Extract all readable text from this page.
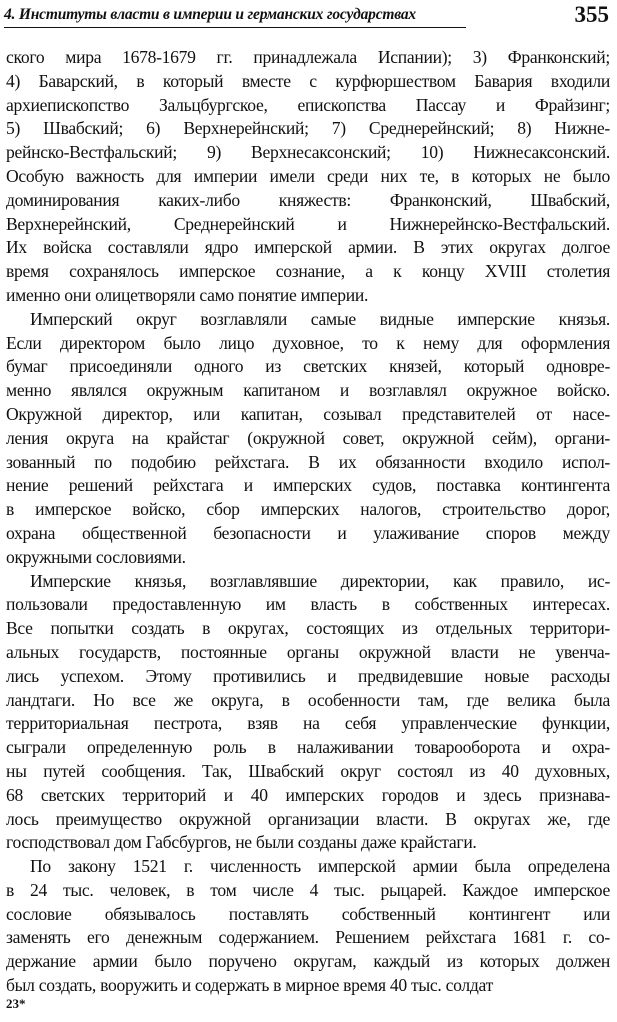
4. Институты власти в империи и германских государствах	355
ского мира 1678-1679 гг. принадлежала Испании); 3) Франконский;
4) Баварский, в который вместе с курфюршеством Бавария входили
архиепископство Зальцбургское, епископства Пассау и Фрайзинг;
5) Швабский; 6) Верхнерейнский; 7) Среднерейнский; 8) Нижне-
рейнско-Вестфальский; 9) Верхнесаксонский; 10) Нижнесаксонский.
Особую важность для империи имели среди них те, в которых не было
доминирования каких-либо княжеств: Франконский, Швабский,
Верхнерейнский, Среднерейнский и Нижнерейнско-Вестфальский.
Их войска составляли ядро имперской армии. В этих округах долгое
время сохранялось имперское сознание, а к концу XVIII столетия
именно они олицетворяли само понятие империи.
Имперский округ возглавляли самые видные имперские князья.
Если директором было лицо духовное, то к нему для оформления
бумаг присоединяли одного из светских князей, который одновре-
менно являлся окружным капитаном и возглавлял окружное войско.
Окружной директор, или капитан, созывал представителей от насе-
ления округа на крайстаг (окружной совет, окружной сейм), органи-
зованный по подобию рейхстага. В их обязанности входило испол-
нение решений рейхстага и имперских судов, поставка контингента
в имперское войско, сбор имперских налогов, строительство дорог,
охрана общественной безопасности и улаживание споров между
окружными сословиями.
Имперские князья, возглавлявшие директории, как правило, ис-
пользовали предоставленную им власть в собственных интересах.
Все попытки создать в округах, состоящих из отдельных территори-
альных государств, постоянные органы окружной власти не увенча-
лись успехом. Этому противились и предвидевшие новые расходы
ландтаги. Но все же округа, в особенности там, где велика была
территориальная пестрота, взяв на себя управленческие функции,
сыграли определенную роль в налаживании товарооборота и охра-
ны путей сообщения. Так, Швабский округ состоял из 40 духовных,
68 светских территорий и 40 имперских городов и здесь признава-
лось преимущество окружной организации власти. В округах же, где
господствовал дом Габсбургов, не были созданы даже крайстаги.
По закону 1521 г. численность имперской армии была определена
в 24 тыс. человек, в том числе 4 тыс. рыцарей. Каждое имперское
сословие обязывалось поставлять собственный контингент или
заменять его денежным содержанием. Решением рейхстага 1681 г. со-
держание армии было поручено округам, каждый из которых должен
был создать, вооружить и содержать в мирное время 40 тыс. солдат
23*
